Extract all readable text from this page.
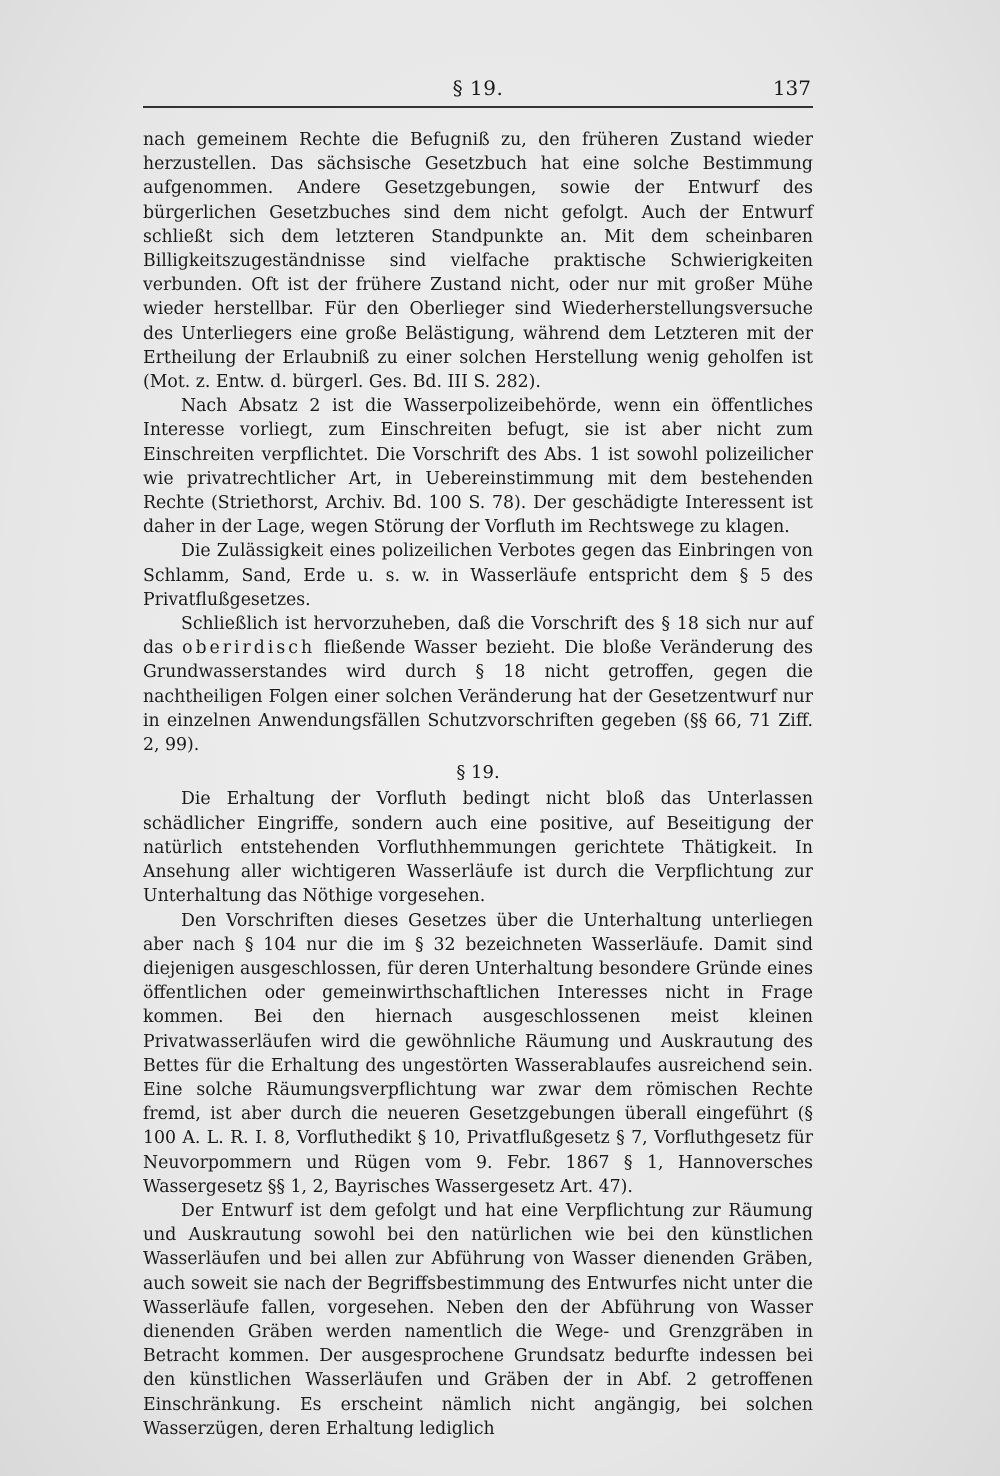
§ 19.	137

nach gemeinem Rechte die Befugniß zu, den früheren Zustand wieder herzustellen. Das sächsische Gesetzbuch hat eine solche Bestimmung aufgenommen. Andere Gesetzgebungen, sowie der Entwurf des bürgerlichen Gesetzbuches sind dem nicht gefolgt. Auch der Entwurf schließt sich dem letzteren Standpunkte an. Mit dem scheinbaren Billigkeitszugeständnisse sind vielfache praktische Schwierigkeiten verbunden. Oft ist der frühere Zustand nicht, oder nur mit großer Mühe wieder herstellbar. Für den Oberlieger sind Wiederherstellungsversuche des Unterliegers eine große Belästigung, während dem Letzteren mit der Ertheilung der Erlaubniß zu einer solchen Herstellung wenig geholfen ist (Mot. z. Entw. d. bürgerl. Ges. Bd. III S. 282).

Nach Absatz 2 ist die Wasserpolizeibehörde, wenn ein öffentliches Interesse vorliegt, zum Einschreiten befugt, sie ist aber nicht zum Einschreiten verpflichtet. Die Vorschrift des Abs. 1 ist sowohl polizeilicher wie privatrechtlicher Art, in Uebereinstimmung mit dem bestehenden Rechte (Striethorst, Archiv. Bd. 100 S. 78). Der geschädigte Interessent ist daher in der Lage, wegen Störung der Vorfluth im Rechtswege zu klagen.

Die Zulässigkeit eines polizeilichen Verbotes gegen das Einbringen von Schlamm, Sand, Erde u. s. w. in Wasserläufe entspricht dem § 5 des Privatflußgesetzes.

Schließlich ist hervorzuheben, daß die Vorschrift des § 18 sich nur auf das oberirdisch fließende Wasser bezieht. Die bloße Veränderung des Grundwasserstandes wird durch § 18 nicht getroffen, gegen die nachtheiligen Folgen einer solchen Veränderung hat der Gesetzentwurf nur in einzelnen Anwendungsfällen Schutzvorschriften gegeben (§§ 66, 71 Ziff. 2, 99).

§ 19.

Die Erhaltung der Vorfluth bedingt nicht bloß das Unterlassen schädlicher Eingriffe, sondern auch eine positive, auf Beseitigung der natürlich entstehenden Vorfluthhemmungen gerichtete Thätigkeit. In Ansehung aller wichtigeren Wasserläufe ist durch die Verpflichtung zur Unterhaltung das Nöthige vorgesehen.

Den Vorschriften dieses Gesetzes über die Unterhaltung unterliegen aber nach § 104 nur die im § 32 bezeichneten Wasserläufe. Damit sind diejenigen ausgeschlossen, für deren Unterhaltung besondere Gründe eines öffentlichen oder gemeinwirthschaftlichen Interesses nicht in Frage kommen. Bei den hiernach ausgeschlossenen meist kleinen Privatwasserläufen wird die gewöhnliche Räumung und Auskrautung des Bettes für die Erhaltung des ungestörten Wasserablaufes ausreichend sein. Eine solche Räumungsverpflichtung war zwar dem römischen Rechte fremd, ist aber durch die neueren Gesetzgebungen überall eingeführt (§ 100 A. L. R. I. 8, Vorfluthedikt § 10, Privatflußgesetz § 7, Vorfluthgesetz für Neuvorpommern und Rügen vom 9. Febr. 1867 § 1, Hannoversches Wassergesetz §§ 1, 2, Bayrisches Wassergesetz Art. 47).

Der Entwurf ist dem gefolgt und hat eine Verpflichtung zur Räumung und Auskrautung sowohl bei den natürlichen wie bei den künstlichen Wasserläufen und bei allen zur Abführung von Wasser dienenden Gräben, auch soweit sie nach der Begriffsbestimmung des Entwurfes nicht unter die Wasserläufe fallen, vorgesehen. Neben den der Abführung von Wasser dienenden Gräben werden namentlich die Wege- und Grenzgräben in Betracht kommen. Der ausgesprochene Grundsatz bedurfte indessen bei den künstlichen Wasserläufen und Gräben der in Abf. 2 getroffenen Einschränkung. Es erscheint nämlich nicht angängig, bei solchen Wasserzügen, deren Erhaltung lediglich
